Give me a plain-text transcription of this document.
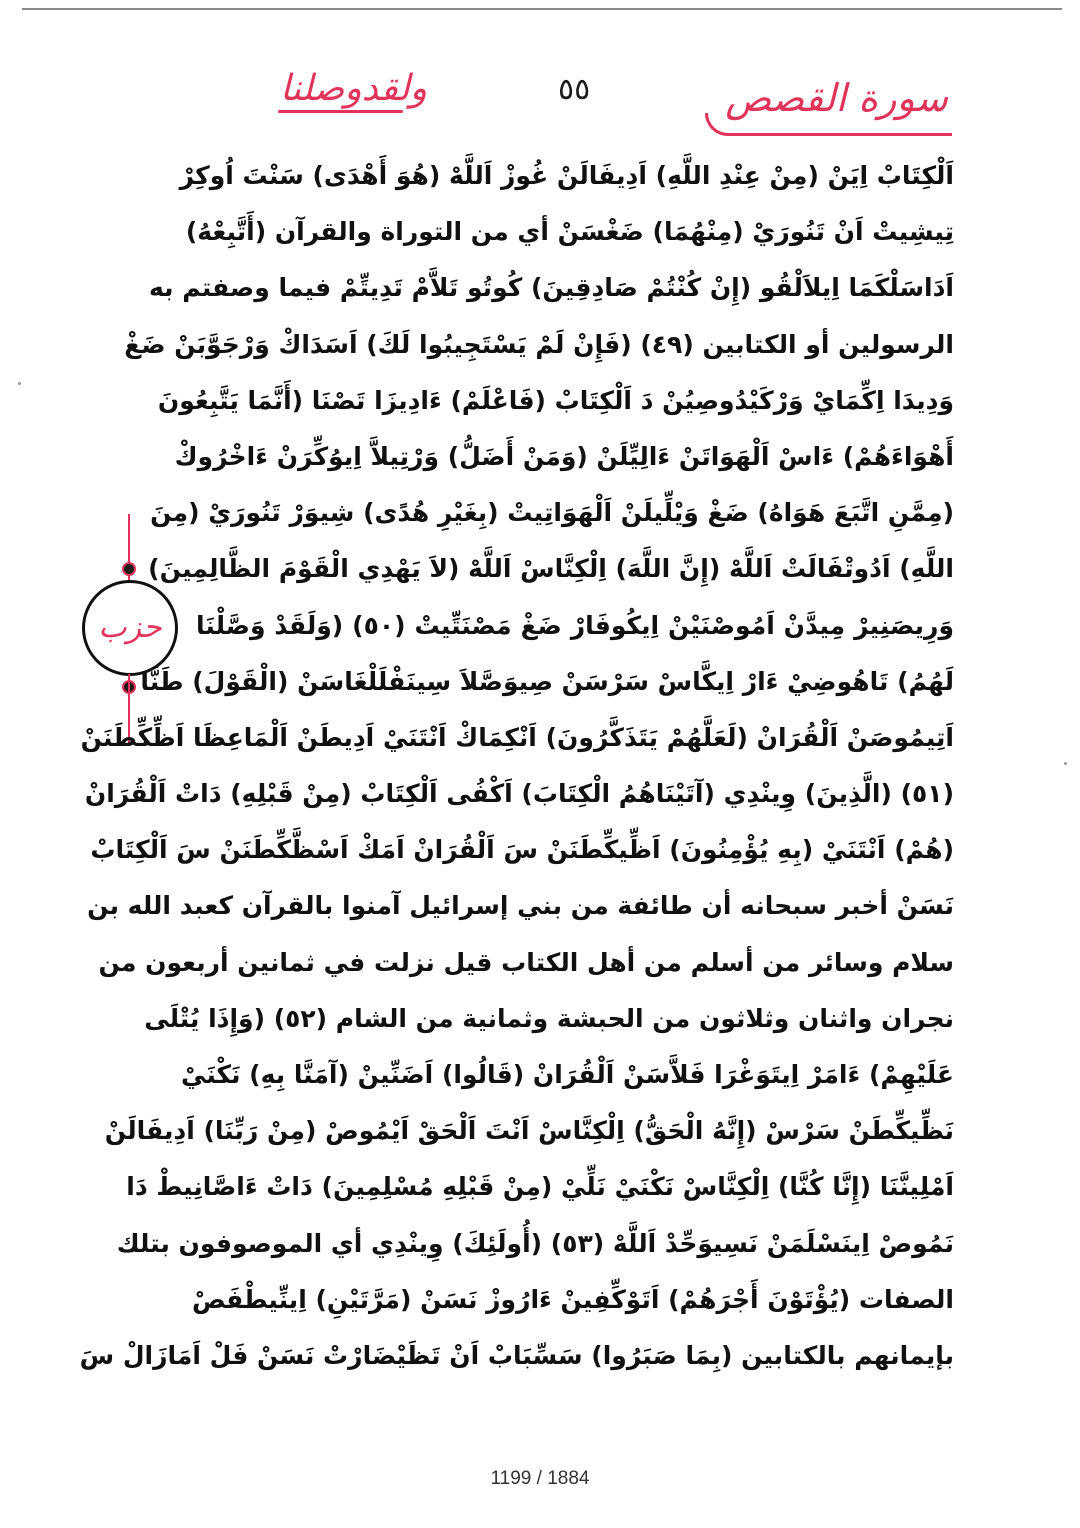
ولقدوصلنا	٥٥	سورة القصص
حزب
اَلْكِتَابْ اِيَنْ (مِنْ عِنْدِ اللَّهِ) اَدِيفَالَنْ غُوزْ اَللَّهْ (هُوَ أَهْدَى) سَنْتَ اُوكِرْ
تِيشِيتْ اَنْ تَنُورَيْ (مِنْهُمَا) ضَغْسَنْ أي من التوراة والقرآن (أَتَّبِعْهُ)
اَدَاسَلْكَمَا اِيلاَلْقُو (إِنْ كُنْتُمْ صَادِقِينَ) كُوتُو تَلاَّمْ تَدِيتِّمْ فيما وصفتم به
الرسولين أو الكتابين (٤٩) (فَإِنْ لَمْ يَسْتَجِيبُوا لَكَ) اَسَدَاكْ وَرْجَوَّبَنْ ضَغْ
وَدِيدَا اِكِّمَايْ وَرْكَيْدُوصِيُنْ دَ اَلْكِتَابْ (فَاعْلَمْ) ءَادِيزَا تَصْنَا (أَنَّمَا يَتَّبِعُونَ
أَهْوَاءَهُمْ) ءَاسْ اَلْهَوَاتَنْ ءَالِيِّلَنْ (وَمَنْ أَضَلُّ) وَرْتِيلاَّ اِيوُكِّرَنْ ءَاخْرُوكْ
(مِمَّنِ اتَّبَعَ هَوَاهُ) ضَغْ وَيْلِّيلَنْ اَلْهَوَاتِيتْ (بِغَيْرِ هُدًى) شِيوَرْ تَنُورَيْ (مِنَ
اللَّهِ) اَدُوتْفَالَتْ اَللَّهْ (إِنَّ اللَّهَ) اِلْكِنَّاسْ اَللَّهْ (لاَ يَهْدِي الْقَوْمَ الظَّالِمِينَ)
وَرِيصَنِيرْ مِيدَّنْ اَمُوصْنَيْنْ اِيكُوفَارْ ضَغْ مَصْنَتِّيتْ (٥٠) (وَلَقَدْ وَصَّلْنَا
لَهُمُ) تَاهُوضِيْ ءَارْ اِيكَّاسْ سَرْسَنْ صِيوَصَّلاَ سِينَفْلَلْغَاسَنْ (الْقَوْلَ) طَنَّا
اَتِيمُوصَنْ اَلْقُرَانْ (لَعَلَّهُمْ يَتَذَكَّرُونَ) اَنْكِمَاكْ اَنْتَنَيْ اَدِيطَنْ اَلْمَاعِظَا اَظِّكِّطَنَنْ
(٥١) (الَّذِينَ) وِينْدِي (آتَيْنَاهُمُ الْكِتَابَ) اَكْفُى اَلْكِتَابْ (مِنْ قَبْلِهِ) دَاتْ اَلْقُرَانْ
(هُمْ) اَنْتَنَيْ (بِهِ يُؤْمِنُونَ) اَظِّيكِّطَنَنْ سَ اَلْقُرَانْ اَمَكْ اَسْظَّكِّطَنَنْ سَ اَلْكِتَابْ
نَسَنْ أخبر سبحانه أن طائفة من بني إسرائيل آمنوا بالقرآن كعبد الله بن
سلام وسائر من أسلم من أهل الكتاب قيل نزلت في ثمانين أربعون من
نجران واثنان وثلاثون من الحبشة وثمانية من الشام (٥٢) (وَإِذَا يُتْلَى
عَلَيْهِمْ) ءَامَرْ اِيتَوَغْرَا فَلاَّسَنْ اَلْقُرَانْ (قَالُوا) اَضَنِّينْ (آمَنَّا بِهِ) نَكْنَيْ
نَظِّيكِّطَنْ سَرْسْ (إِنَّهُ الْحَقُّ) اِلْكِنَّاسْ اَنْتَ اَلْحَقْ اَيْمُوصْ (مِنْ رَبِّنَا) اَدِيفَالَنْ
اَمْلِينَّنَا (إِنَّا كُنَّا) اِلْكِنَّاسْ نَكْنَيْ نَلِّيْ (مِنْ قَبْلِهِ مُسْلِمِينَ) دَاتْ ءَاصَّانِيطْ دَا
نَمُوصْ اِينَسْلَمَنْ نَسِيوَحِّدْ اَللَّهْ (٥٣) (أُولَئِكَ) وِينْدِي أي الموصوفون بتلك
الصفات (يُؤْتَوْنَ أَجْرَهُمْ) اَتَوْكِّفِينْ ءَارُوزْ نَسَنْ (مَرَّتَيْنِ) اِينِّيطْفَصْ
بإيمانهم بالكتابين (بِمَا صَبَرُوا) سَسِّبَابْ اَنْ تَظَيْضَارْتْ نَسَنْ فَلْ اَمَازَالْ سَ
1199 / 1884
